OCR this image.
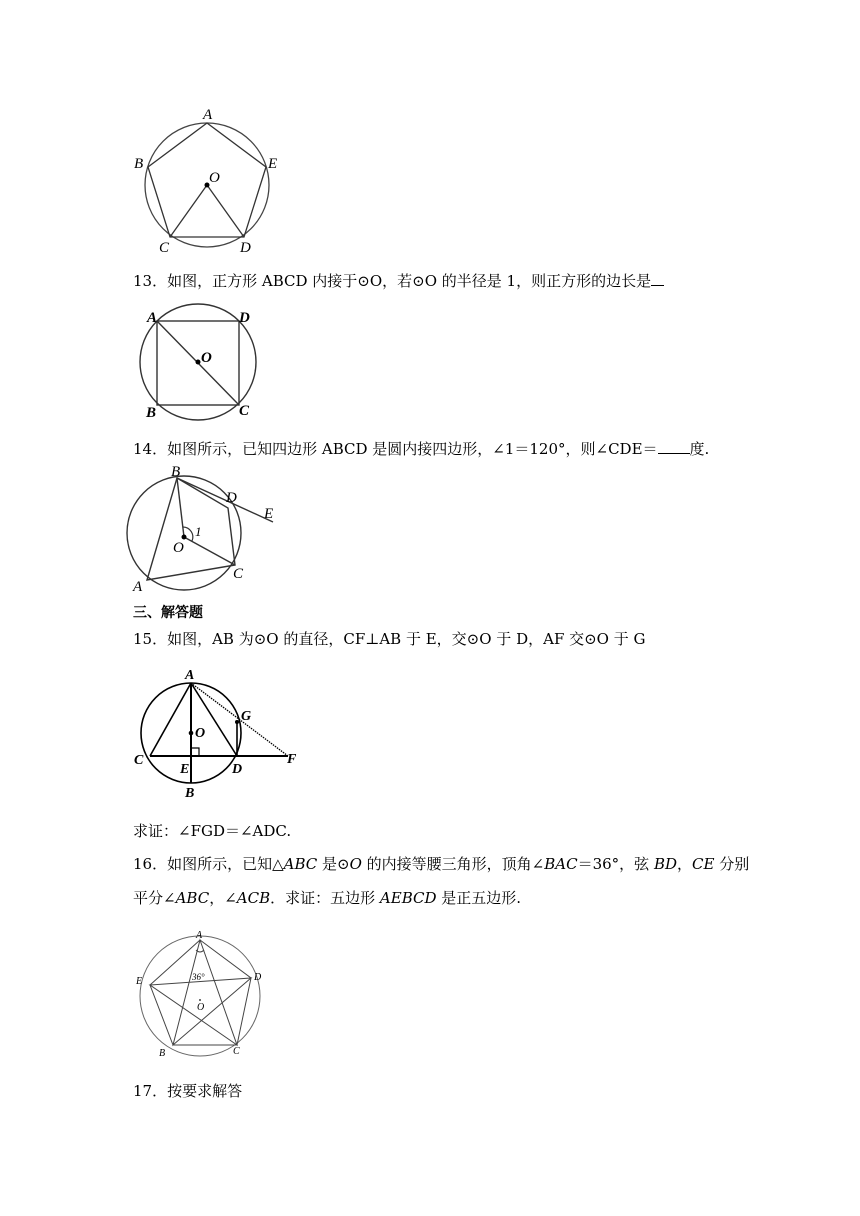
A
B	E
O
C	D
13．如图，正方形 ABCD 内接于⊙O，若⊙O 的半径是 1，则正方形的边长是
A	D
O
B	C
14．如图所示，已知四边形 ABCD 是圆内接四边形，∠1＝120°，则∠CDE＝ 度.
B
D
E
1
O
C
A
三、解答题
15．如图，AB 为⊙O 的直径，CF⊥AB 于 E，交⊙O 于 D，AF 交⊙O 于 G
A
G
O
C
E	D
F
B
求证：∠FGD＝∠ADC.
16．如图所示，已知△ABC 是⊙O 的内接等腰三角形，顶角∠BAC＝36°，弦 BD，CE 分别
平分∠ABC，∠ACB．求证：五边形 AEBCD 是正五边形.
A
D
E	36°
O
B	C
17．按要求解答
